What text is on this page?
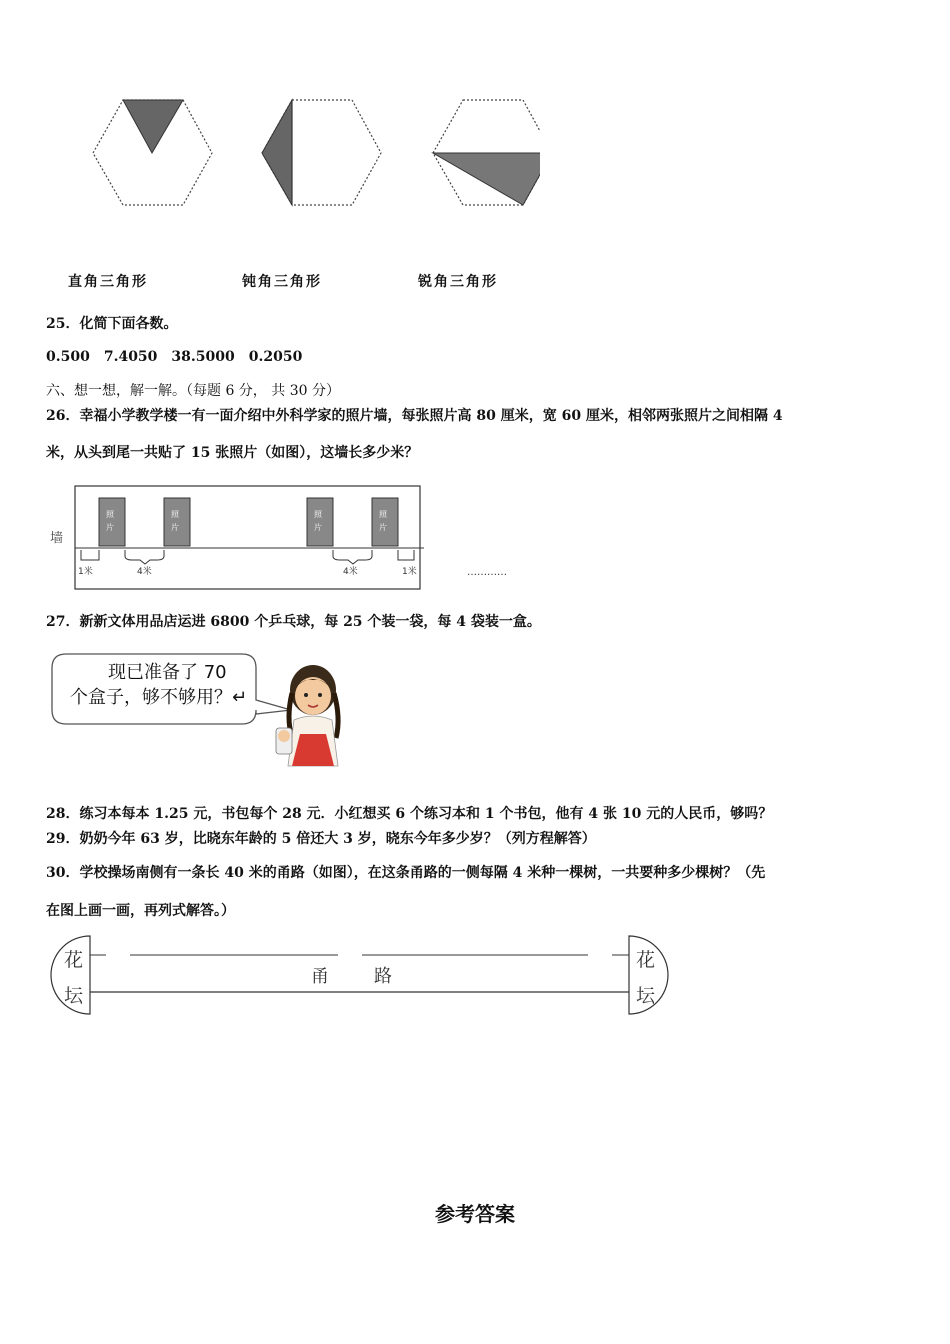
直角三角形	钝角三角形	锐角三角形
25．化简下面各数。
0.500　7.4050　38.5000　0.2050
六、想一想，解一解。（每题 6 分， 共 30 分）
26．幸福小学教学楼一有一面介绍中外科学家的照片墙，每张照片高 80 厘米，宽 60 厘米，相邻两张照片之间相隔 4
米，从头到尾一共贴了 15 张照片（如图），这墙长多少米？
墙
照
片
照
片
照
片
照
片
1米	4米	4米	1米	…………
27．新新文体用品店运进 6800 个乒乓球，每 25 个装一袋，每 4 袋装一盒。
现已准备了 70
个盒子，够不够用？↵
28．练习本每本 1.25 元，书包每个 28 元．小红想买 6 个练习本和 1 个书包，他有 4 张 10 元的人民币，够吗？
29．奶奶今年 63 岁，比晓东年龄的 5 倍还大 3 岁，晓东今年多少岁？（列方程解答）
30．学校操场南侧有一条长 40 米的甬路（如图），在这条甬路的一侧每隔 4 米种一棵树，一共要种多少棵树？（先
在图上画一画，再列式解答。）
花
坛
花
坛
甬	路
参考答案
